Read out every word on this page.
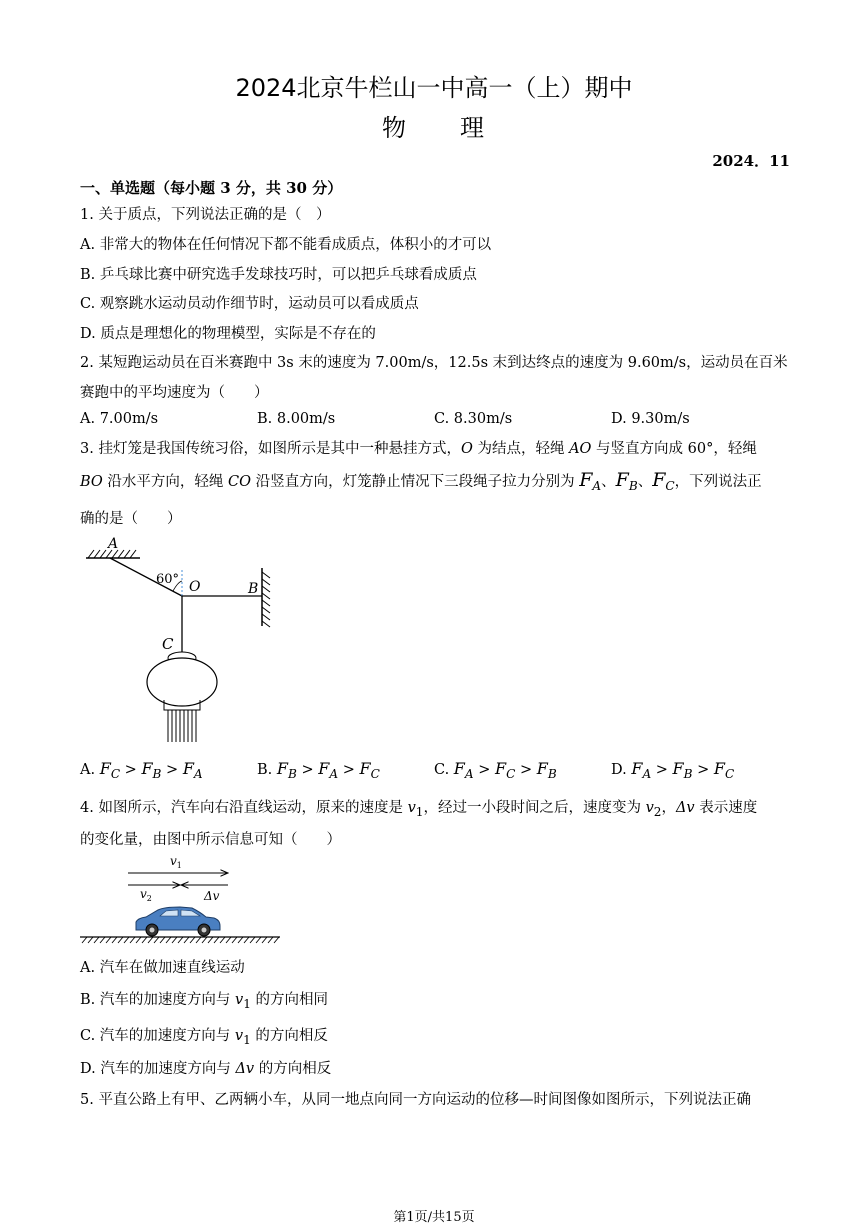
2024北京牛栏山一中高一（上）期中
物　　理
2024．11
一、单选题（每小题 3 分，共 30 分）
1. 关于质点，下列说法正确的是（　）
A. 非常大的物体在任何情况下都不能看成质点，体积小的才可以
B. 乒乓球比赛中研究选手发球技巧时，可以把乒乓球看成质点
C. 观察跳水运动员动作细节时，运动员可以看成质点
D. 质点是理想化的物理模型，实际是不存在的
2. 某短跑运动员在百米赛跑中 3s 末的速度为 7.00m/s，12.5s 末到达终点的速度为 9.60m/s，运动员在百米
赛跑中的平均速度为（　　）
A. 7.00m/s	B. 8.00m/s	C. 8.30m/s	D. 9.30m/s
3. 挂灯笼是我国传统习俗，如图所示是其中一种悬挂方式，O 为结点，轻绳 AO 与竖直方向成 60°，轻绳
BO 沿水平方向，轻绳 CO 沿竖直方向，灯笼静止情况下三段绳子拉力分别为 $F_A$、$F_B$、$F_C$，下列说法正
确的是（　　）
A
60° O	B
C
A. $F_C > F_B > F_A$	B. $F_B > F_A > F_C$	C. $F_A > F_C > F_B$	D. $F_A > F_B > F_C$
4. 如图所示，汽车向右沿直线运动，原来的速度是 $v_1$，经过一小段时间之后，速度变为 $v_2$，Δv 表示速度
的变化量，由图中所示信息可知（　　）
$v_1$
$v_2$	Δv
A. 汽车在做加速直线运动
B. 汽车的加速度方向与 $v_1$ 的方向相同
C. 汽车的加速度方向与 $v_1$ 的方向相反
D. 汽车的加速度方向与 Δv 的方向相反
5. 平直公路上有甲、乙两辆小车，从同一地点向同一方向运动的位移—时间图像如图所示，下列说法正确
第1页/共15页
